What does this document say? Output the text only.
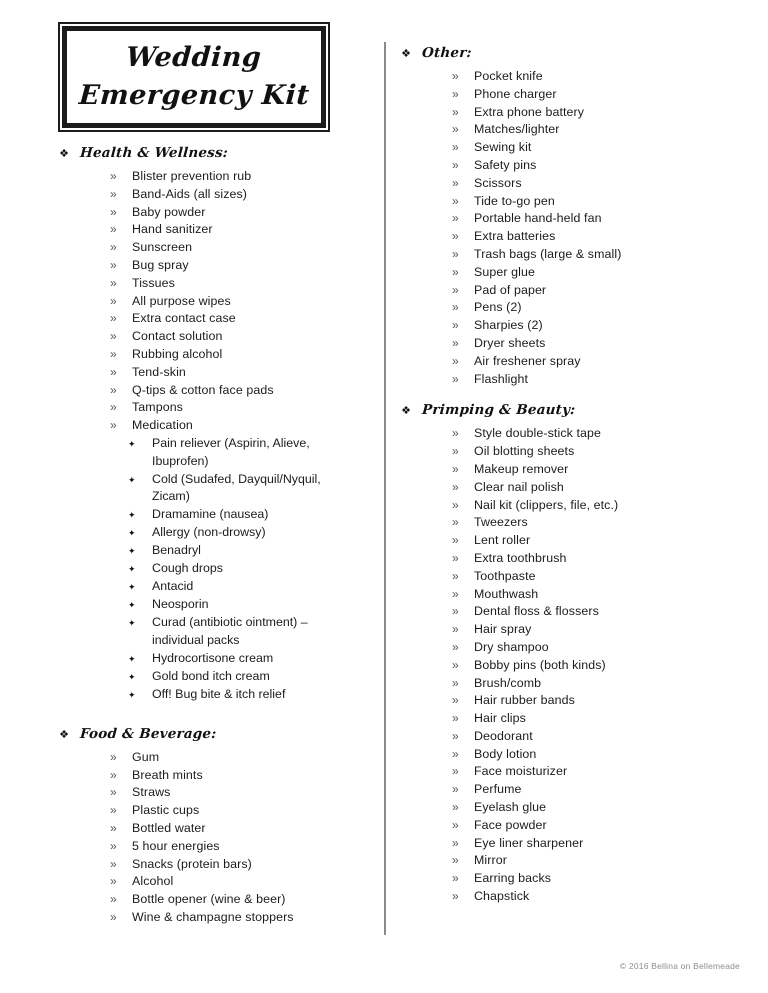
Wedding
Emergency Kit
❖ Health & Wellness:
»	Blister prevention rub
»	Band-Aids (all sizes)
»	Baby powder
»	Hand sanitizer
»	Sunscreen
»	Bug spray
»	Tissues
»	All purpose wipes
»	Extra contact case
»	Contact solution
»	Rubbing alcohol
»	Tend-skin
»	Q-tips & cotton face pads
»	Tampons
»	Medication
✦	Pain reliever (Aspirin, Alieve, Ibuprofen)
✦	Cold (Sudafed, Dayquil/Nyquil, Zicam)
✦	Dramamine (nausea)
✦	Allergy (non-drowsy)
✦	Benadryl
✦	Cough drops
✦	Antacid
✦	Neosporin
✦	Curad (antibiotic ointment) – individual packs
✦	Hydrocortisone cream
✦	Gold bond itch cream
✦	Off! Bug bite & itch relief
❖ Food & Beverage:
»	Gum
»	Breath mints
»	Straws
»	Plastic cups
»	Bottled water
»	5 hour energies
»	Snacks (protein bars)
»	Alcohol
»	Bottle opener (wine & beer)
»	Wine & champagne stoppers
❖ Other:
»	Pocket knife
»	Phone charger
»	Extra phone battery
»	Matches/lighter
»	Sewing kit
»	Safety pins
»	Scissors
»	Tide to-go pen
»	Portable hand-held fan
»	Extra batteries
»	Trash bags (large & small)
»	Super glue
»	Pad of paper
»	Pens (2)
»	Sharpies (2)
»	Dryer sheets
»	Air freshener spray
»	Flashlight
❖ Primping & Beauty:
»	Style double-stick tape
»	Oil blotting sheets
»	Makeup remover
»	Clear nail polish
»	Nail kit (clippers, file, etc.)
»	Tweezers
»	Lent roller
»	Extra toothbrush
»	Toothpaste
»	Mouthwash
»	Dental floss & flossers
»	Hair spray
»	Dry shampoo
»	Bobby pins (both kinds)
»	Brush/comb
»	Hair rubber bands
»	Hair clips
»	Deodorant
»	Body lotion
»	Face moisturizer
»	Perfume
»	Eyelash glue
»	Face powder
»	Eye liner sharpener
»	Mirror
»	Earring backs
»	Chapstick
© 2016 Bellina on Bellemeade
